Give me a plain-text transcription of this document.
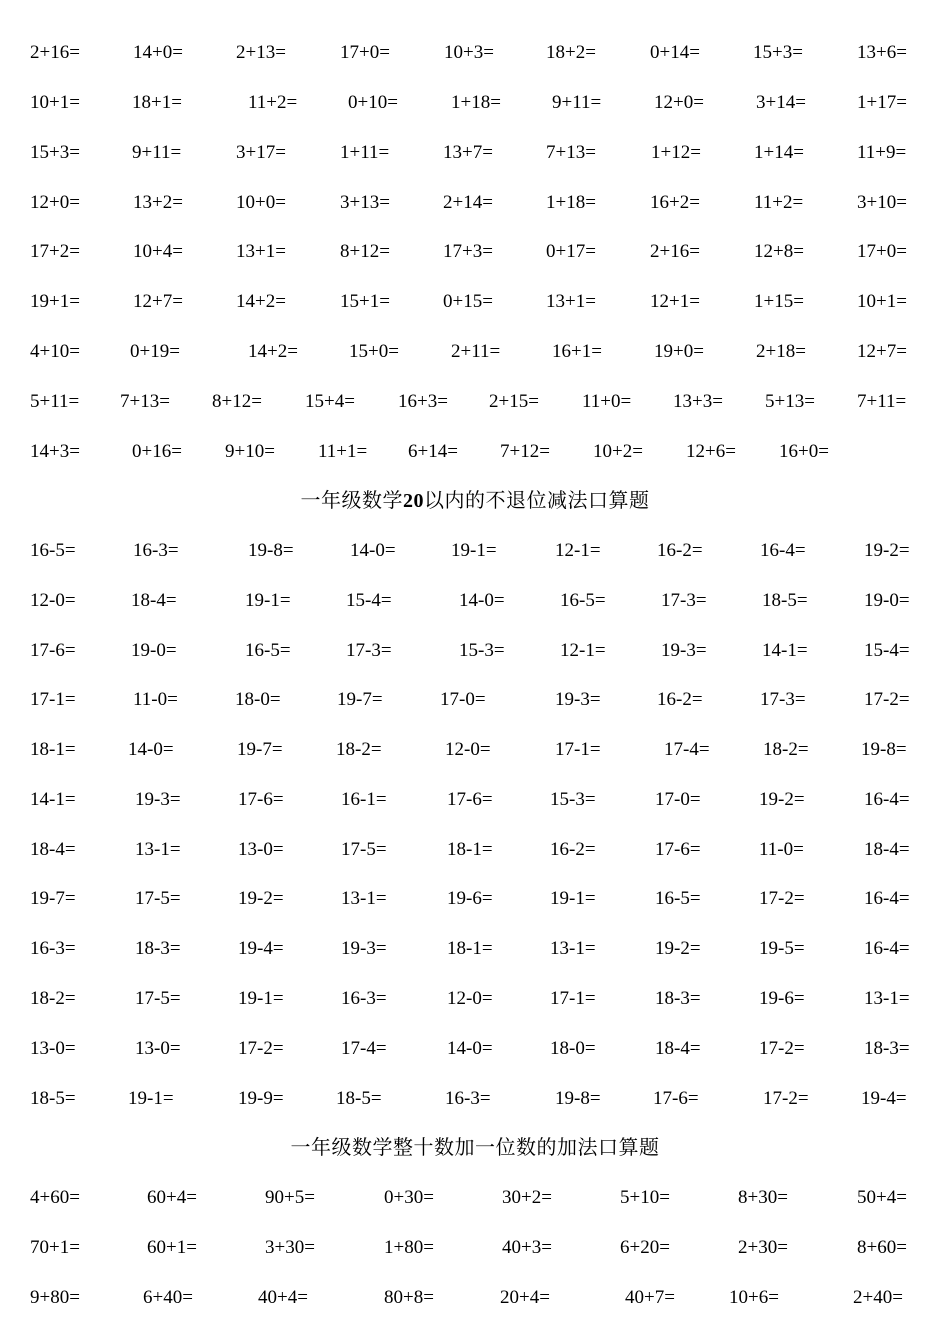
2+16=	14+0=	2+13=	17+0=	10+3=	18+2=	0+14=	15+3=	13+6=
10+1=	18+1=	11+2=	0+10=	1+18=	9+11=	12+0=	3+14=	1+17=
15+3=	9+11=	3+17=	1+11=	13+7=	7+13=	1+12=	1+14=	11+9=
12+0=	13+2=	10+0=	3+13=	2+14=	1+18=	16+2=	11+2=	3+10=
17+2=	10+4=	13+1=	8+12=	17+3=	0+17=	2+16=	12+8=	17+0=
19+1=	12+7=	14+2=	15+1=	0+15=	13+1=	12+1=	1+15=	10+1=
4+10=	0+19=	14+2=	15+0=	2+11=	16+1=	19+0=	2+18=	12+7=
5+11= 7+13= 8+12= 15+4= 16+3= 2+15= 11+0= 13+3= 5+13= 7+11=
14+3=	0+16= 9+10= 11+1= 6+14= 7+12= 10+2= 12+6= 16+0=
一年级数学20以内的不退位减法口算题
16-5=	16-3=	19-8=	14-0=	19-1=	12-1=	16-2=	16-4=	19-2=
12-0=	18-4=	19-1=	15-4=	14-0=	16-5=	17-3=	18-5=	19-0=
17-6=	19-0=	16-5=	17-3=	15-3=	12-1=	19-3=	14-1=	15-4=
17-1=	11-0=	18-0=	19-7=	17-0=	19-3=	16-2=	17-3=	17-2=
18-1=	14-0=	19-7=	18-2=	12-0=	17-1=	17-4=	18-2=	19-8=
14-1=	19-3=	17-6=	16-1=	17-6=	15-3=	17-0=	19-2=	16-4=
18-4=	13-1=	13-0=	17-5=	18-1=	16-2=	17-6=	11-0=	18-4=
19-7=	17-5=	19-2=	13-1=	19-6=	19-1=	16-5=	17-2=	16-4=
16-3=	18-3=	19-4=	19-3=	18-1=	13-1=	19-2=	19-5=	16-4=
18-2=	17-5=	19-1=	16-3=	12-0=	17-1=	18-3=	19-6=	13-1=
13-0=	13-0=	17-2=	17-4=	14-0=	18-0=	18-4=	17-2=	18-3=
18-5=	19-1=	19-9=	18-5=	16-3=	19-8=	17-6=	17-2=	19-4=
一年级数学整十数加一位数的加法口算题
4+60=	60+4=	90+5=	0+30=	30+2=	5+10=	8+30=	50+4=
70+1=	60+1=	3+30=	1+80=	40+3=	6+20=	2+30=	8+60=
9+80=	6+40=	40+4=	80+8=	20+4=	40+7=	10+6=	2+40=
